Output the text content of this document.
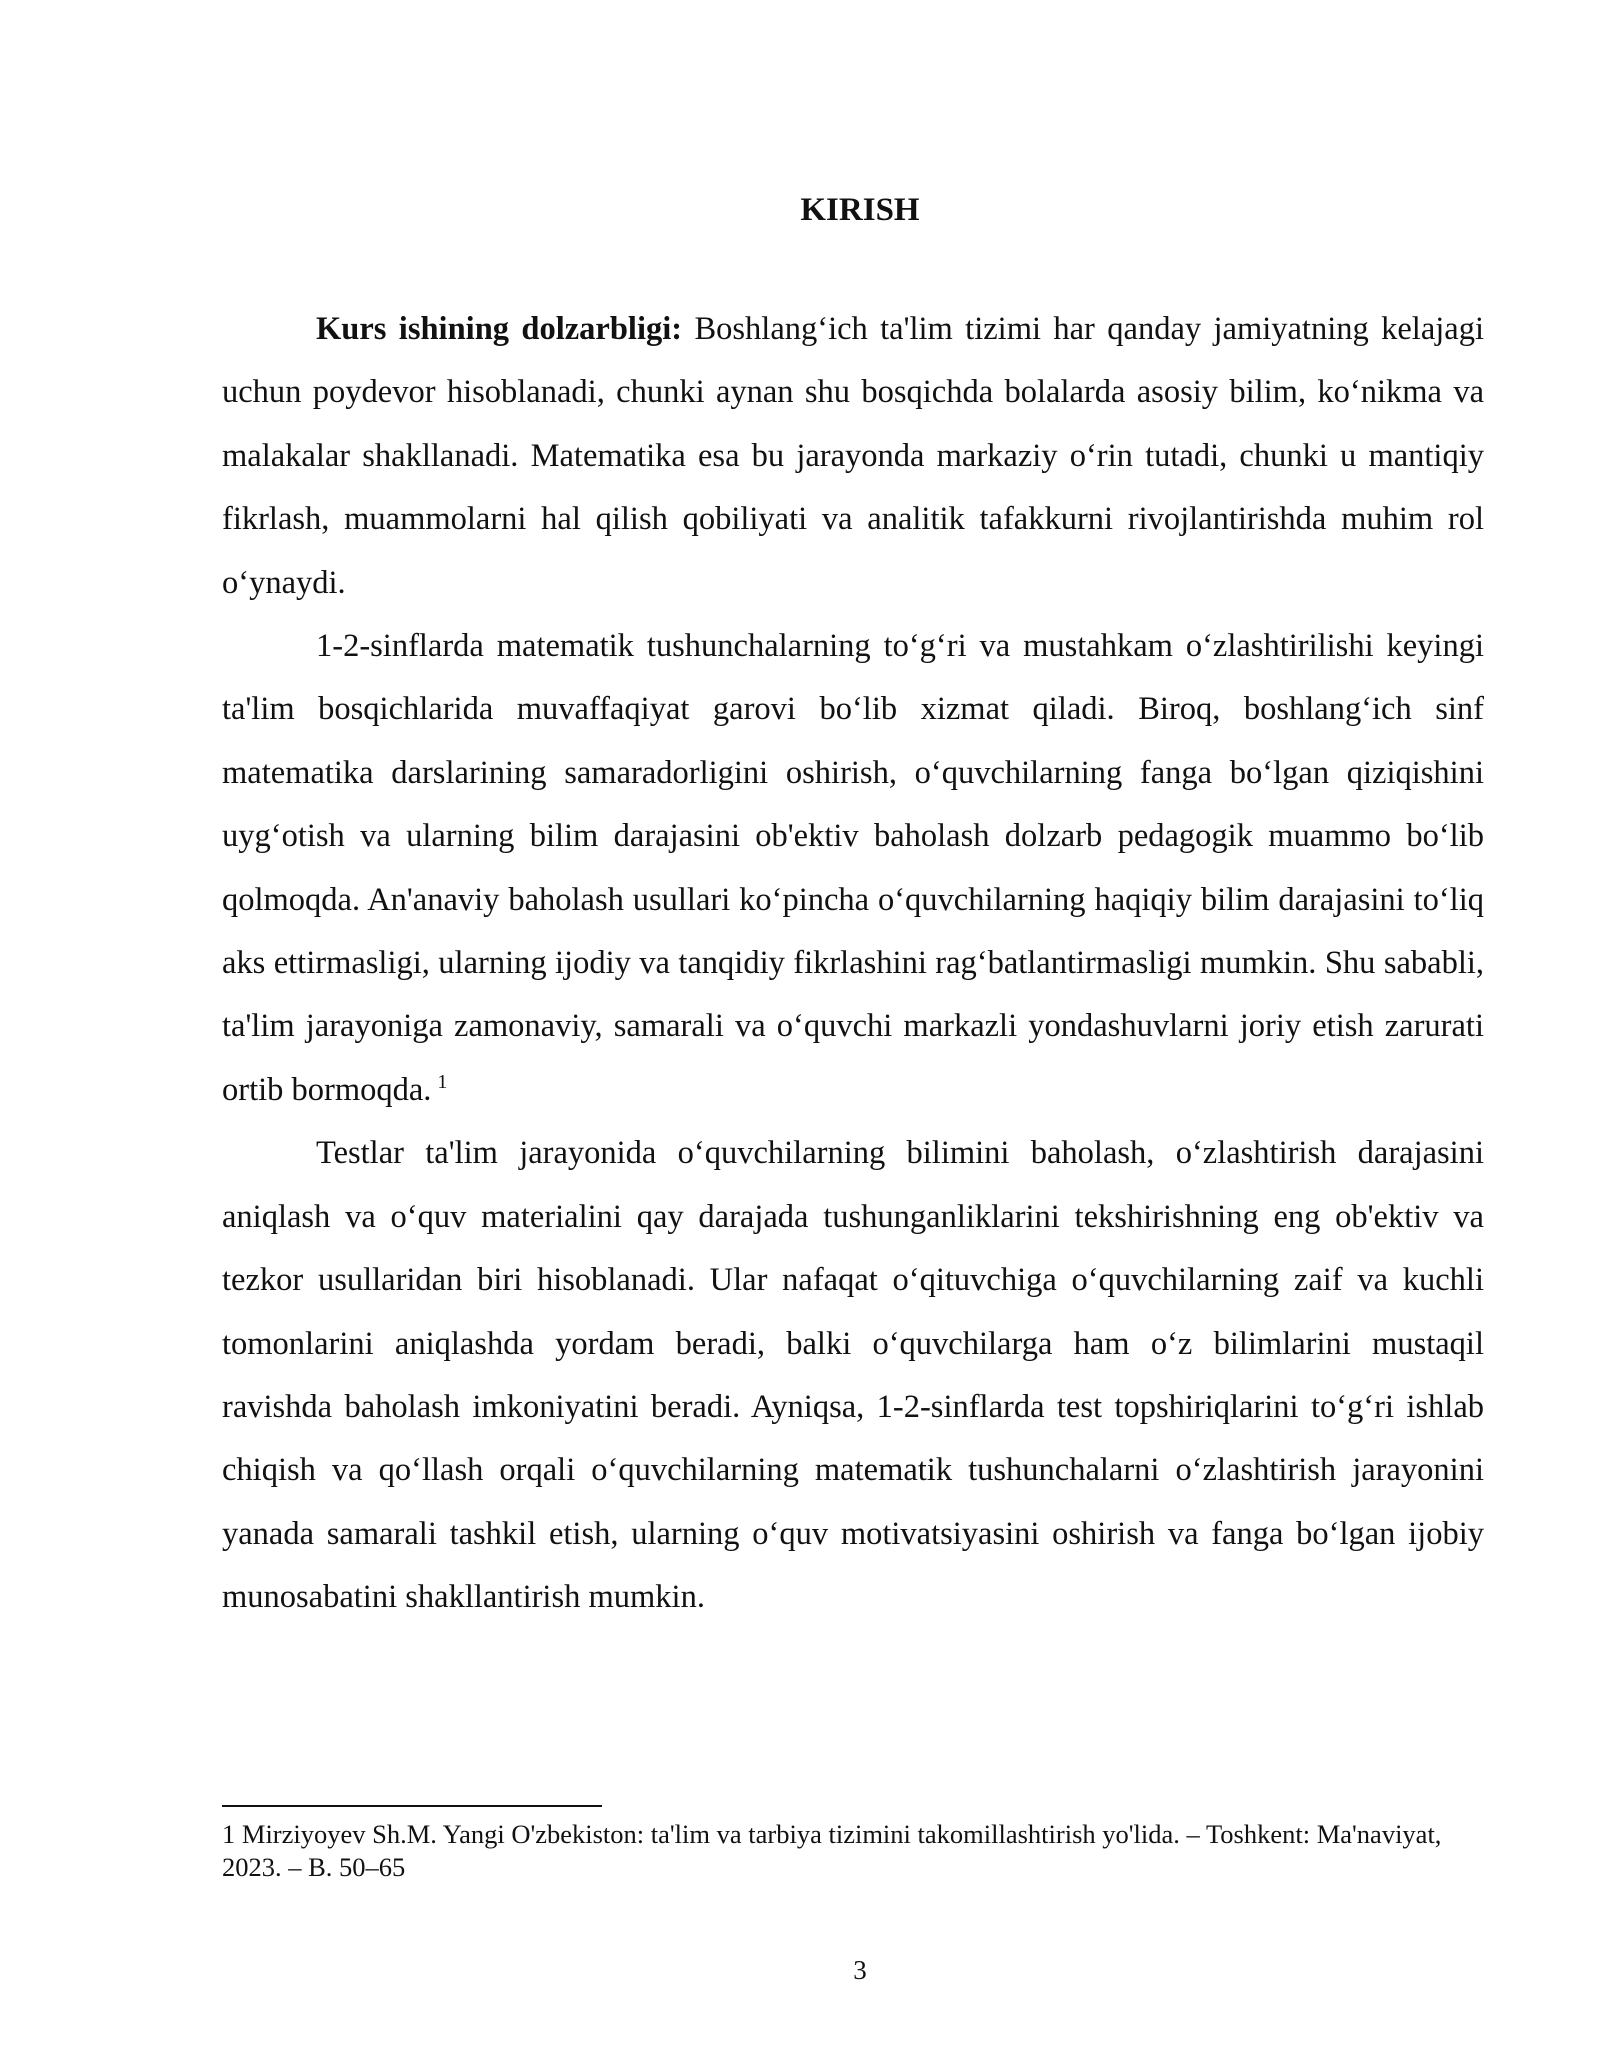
KIRISH

Kurs ishining dolzarbligi: Boshlang‘ich ta'lim tizimi har qanday jamiyatning kelajagi uchun poydevor hisoblanadi, chunki aynan shu bosqichda bolalarda asosiy bilim, ko‘nikma va malakalar shakllanadi. Matematika esa bu jarayonda markaziy o‘rin tutadi, chunki u mantiqiy fikrlash, muammolarni hal qilish qobiliyati va analitik tafakkurni rivojlantirishda muhim rol o‘ynaydi.

1-2-sinflarda matematik tushunchalarning to‘g‘ri va mustahkam o‘zlashtirilishi keyingi ta'lim bosqichlarida muvaffaqiyat garovi bo‘lib xizmat qiladi. Biroq, boshlang‘ich sinf matematika darslarining samaradorligini oshirish, o‘quvchilarning fanga bo‘lgan qiziqishini uyg‘otish va ularning bilim darajasini ob'ektiv baholash dolzarb pedagogik muammo bo‘lib qolmoqda. An'anaviy baholash usullari ko‘pincha o‘quvchilarning haqiqiy bilim darajasini to‘liq aks ettirmasligi, ularning ijodiy va tanqidiy fikrlashini rag‘batlantirmasligi mumkin. Shu sababli, ta'lim jarayoniga zamonaviy, samarali va o‘quvchi markazli yondashuvlarni joriy etish zarurati ortib bormoqda. $^1$

Testlar ta'lim jarayonida o‘quvchilarning bilimini baholash, o‘zlashtirish darajasini aniqlash va o‘quv materialini qay darajada tushunganliklarini tekshirishning eng ob'ektiv va tezkor usullaridan biri hisoblanadi. Ular nafaqat o‘qituvchiga o‘quvchilarning zaif va kuchli tomonlarini aniqlashda yordam beradi, balki o‘quvchilarga ham o‘z bilimlarini mustaqil ravishda baholash imkoniyatini beradi. Ayniqsa, 1-2-sinflarda test topshiriqlarini to‘g‘ri ishlab chiqish va qo‘llash orqali o‘quvchilarning matematik tushunchalarni o‘zlashtirish jarayonini yanada samarali tashkil etish, ularning o‘quv motivatsiyasini oshirish va fanga bo‘lgan ijobiy munosabatini shakllantirish mumkin.

1 Mirziyoyev Sh.M. Yangi O'zbekiston: ta'lim va tarbiya tizimini takomillashtirish yo'lida. – Toshkent: Ma'naviyat, 2023. – B. 50–65

3
